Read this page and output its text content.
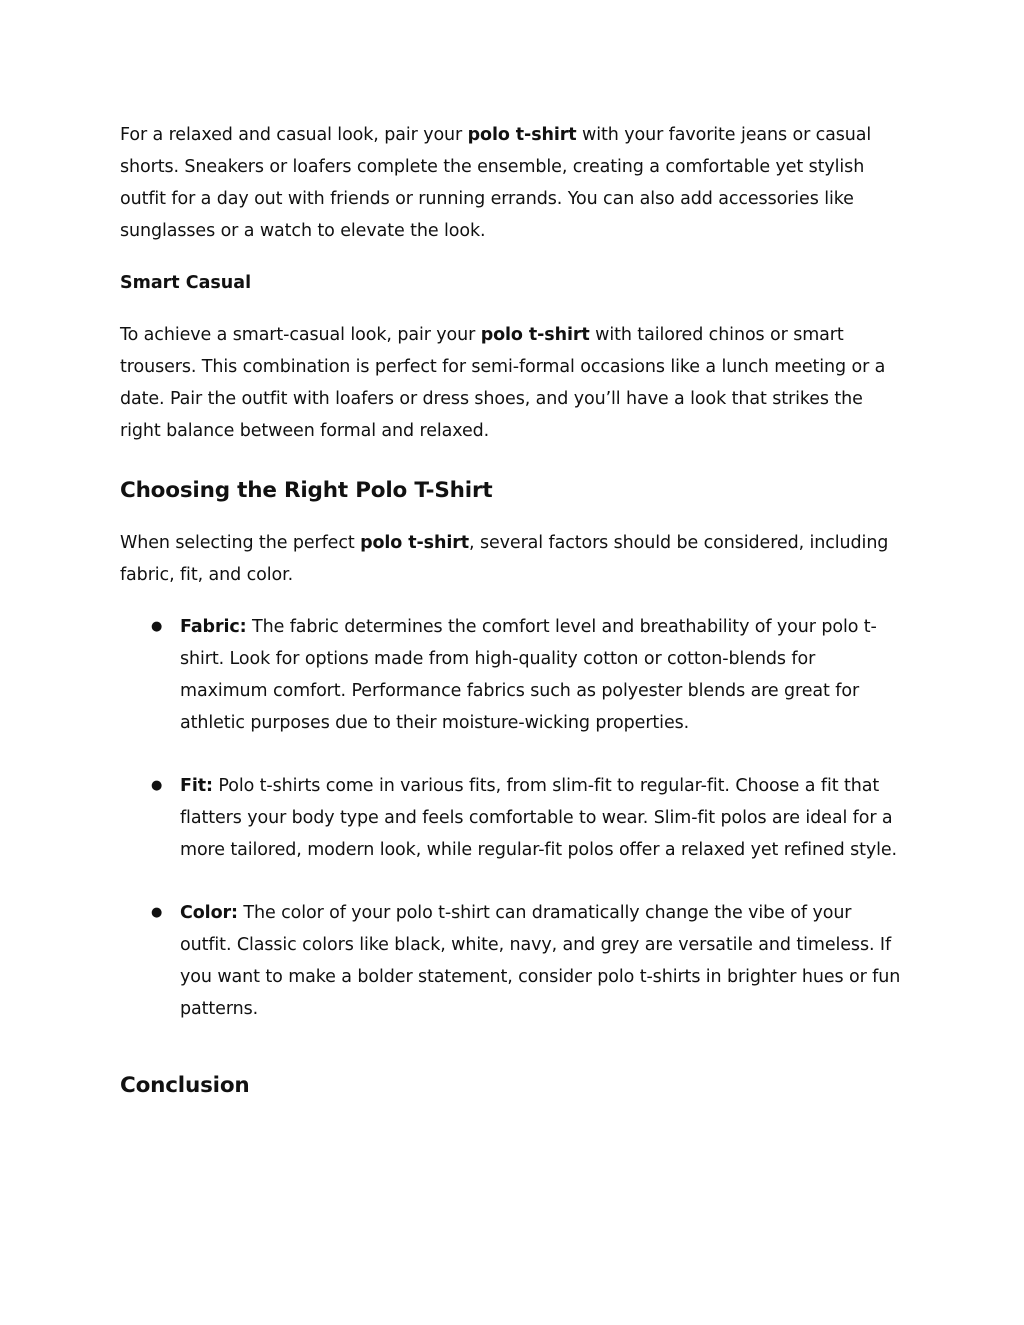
For a relaxed and casual look, pair your polo t-shirt with your favorite jeans or casual shorts. Sneakers or loafers complete the ensemble, creating a comfortable yet stylish outfit for a day out with friends or running errands. You can also add accessories like sunglasses or a watch to elevate the look.

Smart Casual

To achieve a smart-casual look, pair your polo t-shirt with tailored chinos or smart trousers. This combination is perfect for semi-formal occasions like a lunch meeting or a date. Pair the outfit with loafers or dress shoes, and you’ll have a look that strikes the right balance between formal and relaxed.

Choosing the Right Polo T-Shirt

When selecting the perfect polo t-shirt, several factors should be considered, including fabric, fit, and color.

● Fabric: The fabric determines the comfort level and breathability of your polo t-shirt. Look for options made from high-quality cotton or cotton-blends for maximum comfort. Performance fabrics such as polyester blends are great for athletic purposes due to their moisture-wicking properties.
● Fit: Polo t-shirts come in various fits, from slim-fit to regular-fit. Choose a fit that flatters your body type and feels comfortable to wear. Slim-fit polos are ideal for a more tailored, modern look, while regular-fit polos offer a relaxed yet refined style.
● Color: The color of your polo t-shirt can dramatically change the vibe of your outfit. Classic colors like black, white, navy, and grey are versatile and timeless. If you want to make a bolder statement, consider polo t-shirts in brighter hues or fun patterns.
Conclusion
